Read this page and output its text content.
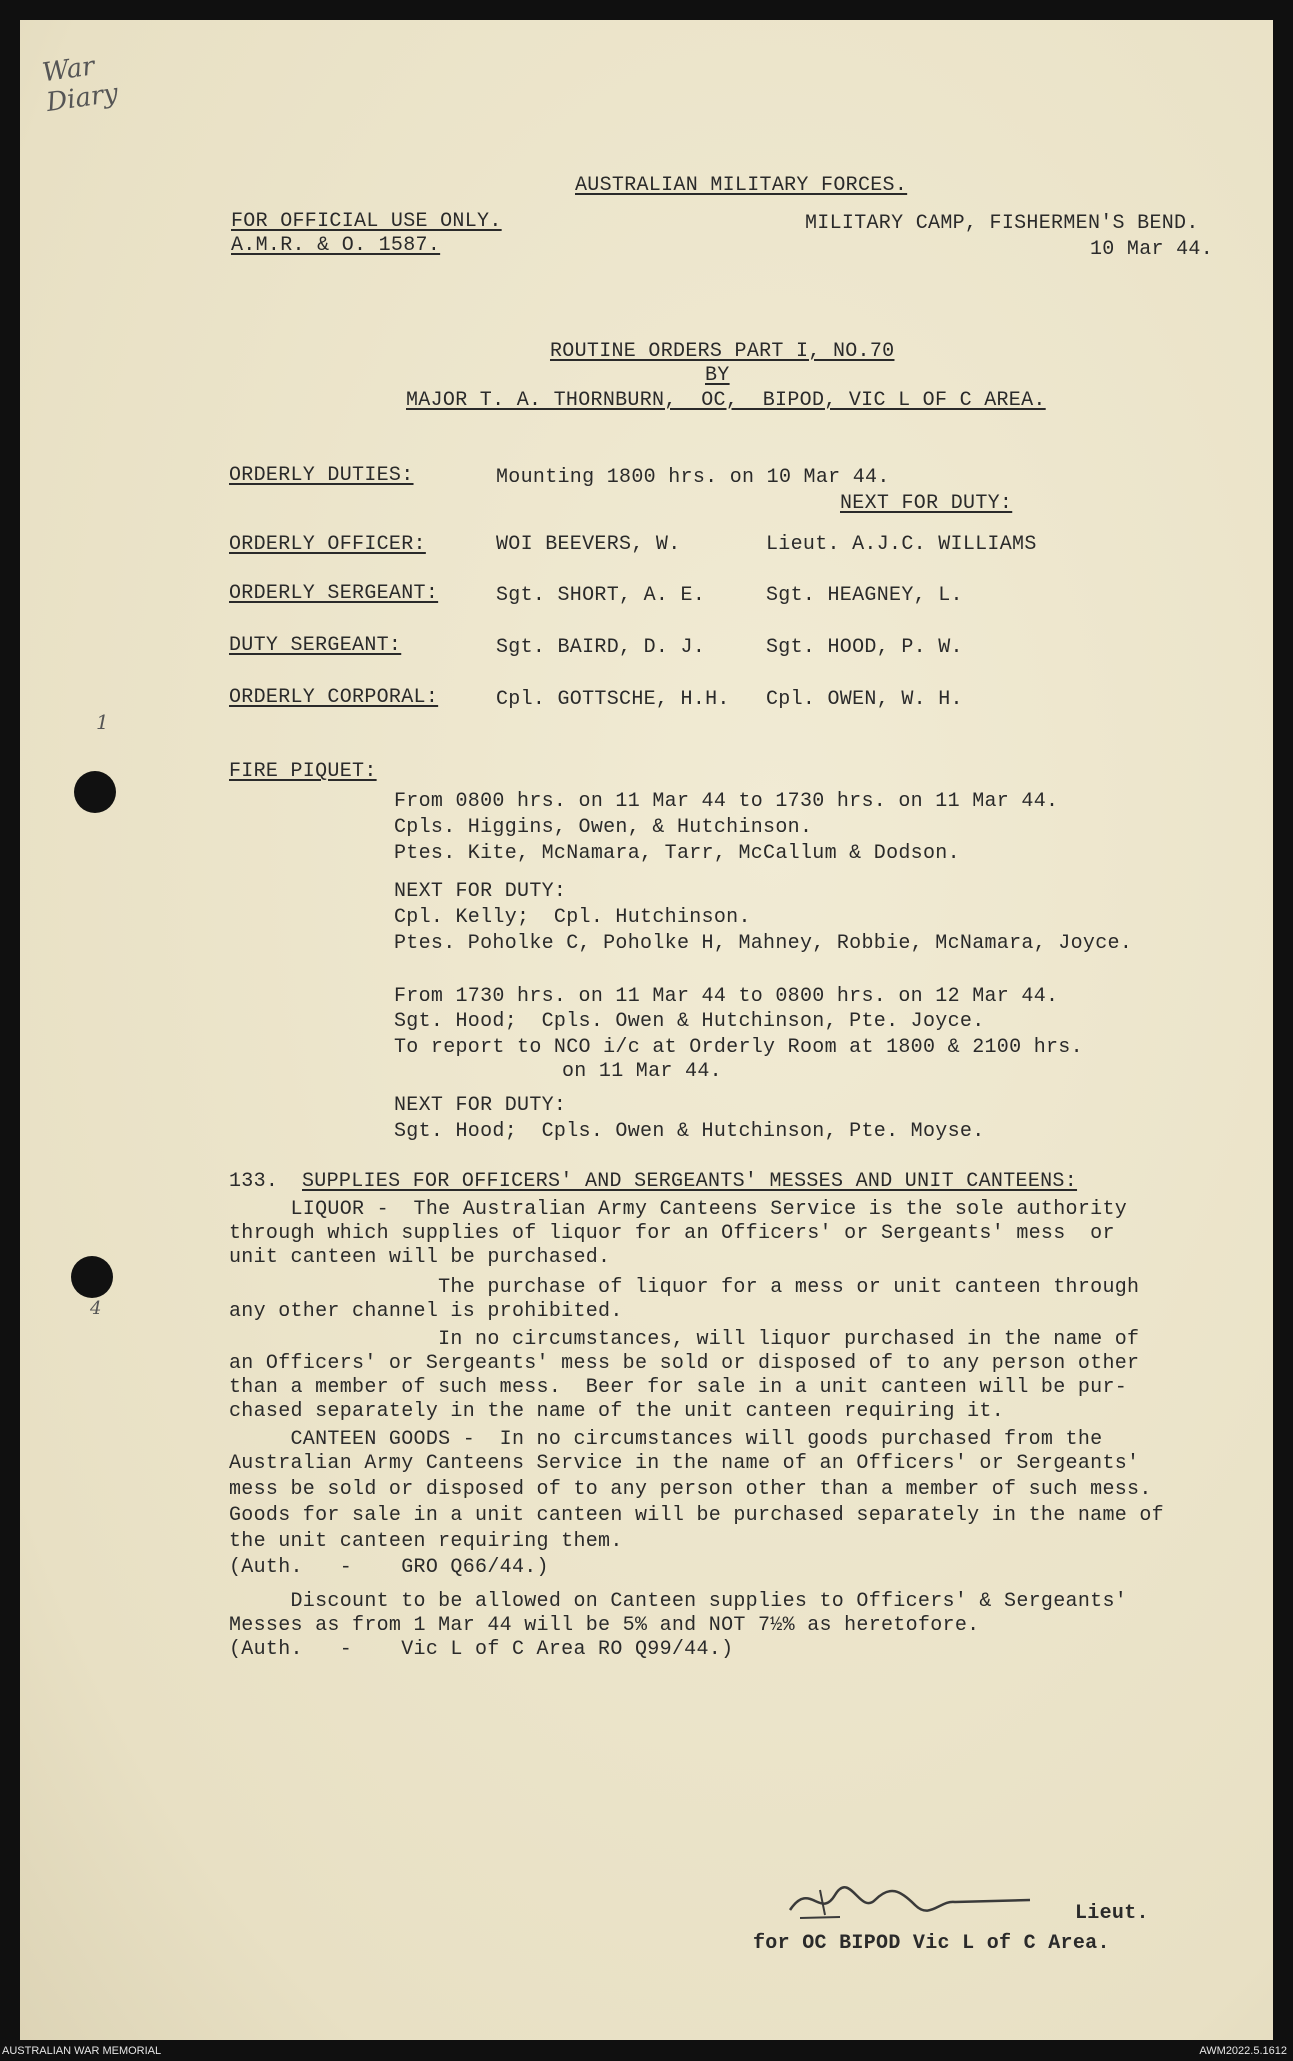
War Diary
1
4
AUSTRALIAN MILITARY FORCES.
FOR OFFICIAL USE ONLY.
A.M.R. & O. 1587.
MILITARY CAMP, FISHERMEN'S BEND.
10 Mar 44.
ROUTINE ORDERS PART I, NO.70
BY
MAJOR T. A. THORNBURN,  OC,  BIPOD, VIC L OF C AREA.
ORDERLY DUTIES:	Mounting 1800 hrs. on 10 Mar 44.
NEXT FOR DUTY:
ORDERLY OFFICER:	WOI BEEVERS, W.	Lieut. A.J.C. WILLIAMS
ORDERLY SERGEANT:	Sgt. SHORT, A. E.	Sgt. HEAGNEY, L.
DUTY SERGEANT:	Sgt. BAIRD, D. J.	Sgt. HOOD, P. W.
ORDERLY CORPORAL:	Cpl. GOTTSCHE, H.H. Cpl. OWEN, W. H.
FIRE PIQUET:
From 0800 hrs. on 11 Mar 44 to 1730 hrs. on 11 Mar 44.
Cpls. Higgins, Owen, & Hutchinson.
Ptes. Kite, McNamara, Tarr, McCallum & Dodson.
NEXT FOR DUTY:
Cpl. Kelly;  Cpl. Hutchinson.
Ptes. Poholke C, Poholke H, Mahney, Robbie, McNamara, Joyce.
From 1730 hrs. on 11 Mar 44 to 0800 hrs. on 12 Mar 44.
Sgt. Hood;  Cpls. Owen & Hutchinson, Pte. Joyce.
To report to NCO i/c at Orderly Room at 1800 & 2100 hrs.
on 11 Mar 44.
NEXT FOR DUTY:
Sgt. Hood;  Cpls. Owen & Hutchinson, Pte. Moyse.
133. SUPPLIES FOR OFFICERS' AND SERGEANTS' MESSES AND UNIT CANTEENS:
LIQUOR -  The Australian Army Canteens Service is the sole authority
through which supplies of liquor for an Officers' or Sergeants' mess  or
unit canteen will be purchased.
The purchase of liquor for a mess or unit canteen through
any other channel is prohibited.
In no circumstances, will liquor purchased in the name of
an Officers' or Sergeants' mess be sold or disposed of to any person other
than a member of such mess.  Beer for sale in a unit canteen will be pur-
chased separately in the name of the unit canteen requiring it.
CANTEEN GOODS -  In no circumstances will goods purchased from the
Australian Army Canteens Service in the name of an Officers' or Sergeants'
mess be sold or disposed of to any person other than a member of such mess.
Goods for sale in a unit canteen will be purchased separately in the name of
the unit canteen requiring them.
(Auth.   -    GRO Q66/44.)
Discount to be allowed on Canteen supplies to Officers' & Sergeants'
Messes as from 1 Mar 44 will be 5% and NOT 7½% as heretofore.
(Auth.   -    Vic L of C Area RO Q99/44.)
Lieut.
for OC BIPOD Vic L of C Area.
AUSTRALIAN WAR MEMORIAL	AWM2022.5.1612
